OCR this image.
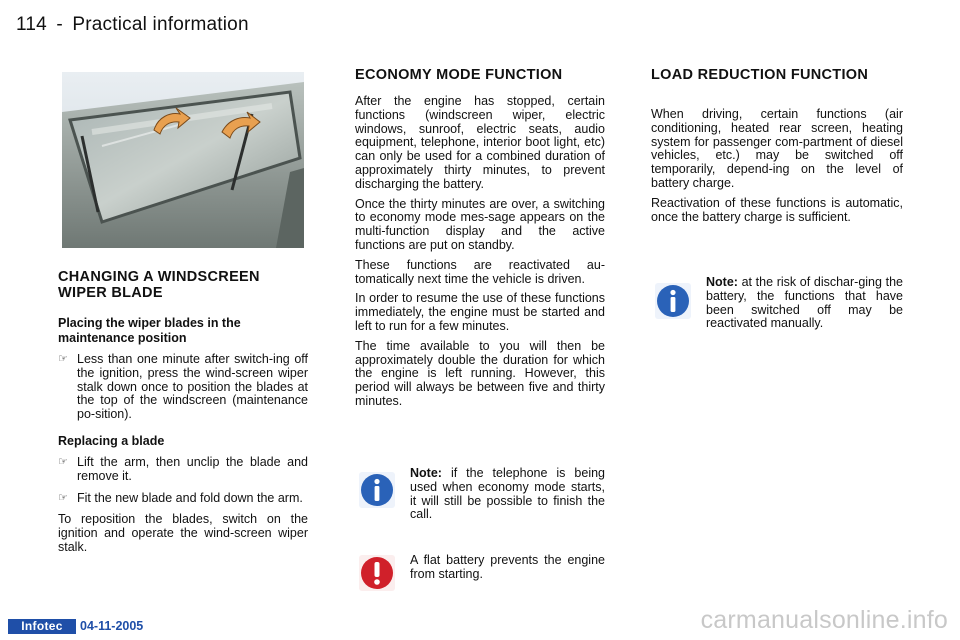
114 - Practical information
CHANGING A WINDSCREEN WIPER BLADE
Placing the wiper blades in the maintenance position
☞ Less than one minute after switch-ing off the ignition, press the wind-screen wiper stalk down once to position the blades at the top of the windscreen (maintenance po-sition).
Replacing a blade
☞ Lift the arm, then unclip the blade and remove it.
☞ Fit the new blade and fold down the arm.

To reposition the blades, switch on the ignition and operate the wind-screen wiper stalk.

ECONOMY MODE FUNCTION

After the engine has stopped, certain functions (windscreen wiper, electric windows, sunroof, electric seats, audio equipment, telephone, interior boot light, etc) can only be used for a combined duration of approximately thirty minutes, to prevent discharging the battery.

Once the thirty minutes are over, a switching to economy mode mes-sage appears on the multi-function display and the active functions are put on standby.

These functions are reactivated au-tomatically next time the vehicle is driven.

In order to resume the use of these functions immediately, the engine must be started and left to run for a few minutes.

The time available to you will then be approximately double the duration for which the engine is left running. However, this period will always be between five and thirty minutes.

Note: if the telephone is being used when economy mode starts, it will still be possible to finish the call.
A flat battery prevents the engine from starting.
LOAD REDUCTION FUNCTION

When driving, certain functions (air conditioning, heated rear screen, heating system for passenger com-partment of diesel vehicles, etc.) may be switched off temporarily, depend-ing on the level of battery charge.

Reactivation of these functions is automatic, once the battery charge is sufficient.

Note: at the risk of dischar-ging the battery, the functions that have been switched off may be reactivated manually.
Infotec	04-11-2005	carmanualsonline.info
